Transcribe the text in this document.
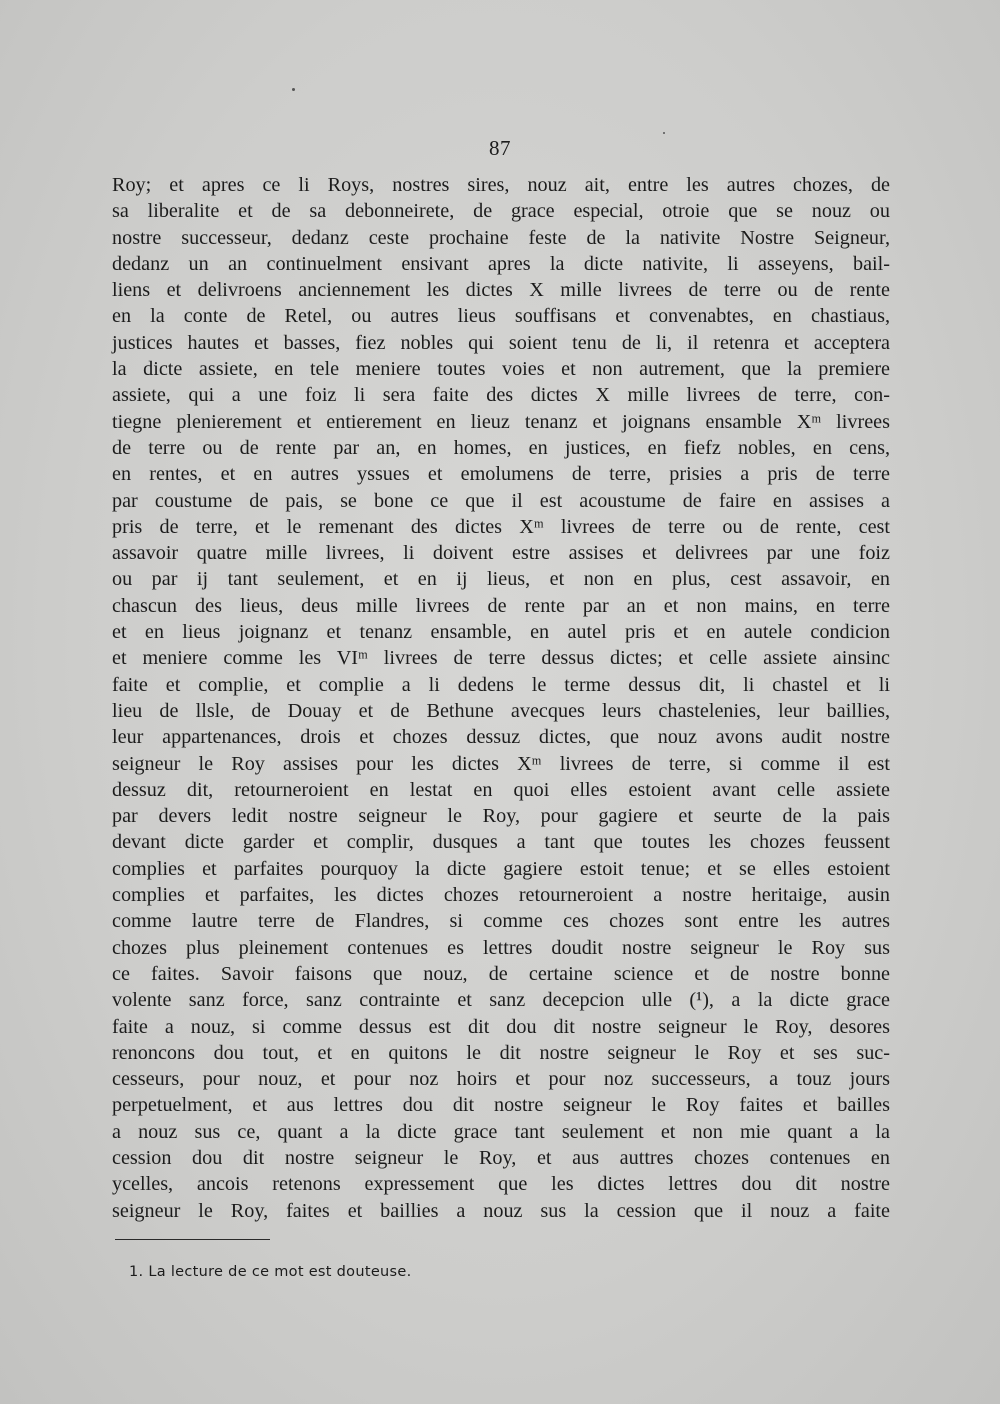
87
Roy; et apres ce li Roys, nostres sires, nouz ait, entre les autres chozes, de
sa liberalite et de sa debonneirete, de grace especial, otroie que se nouz ou
nostre successeur, dedanz ceste prochaine feste de la nativite Nostre Seigneur,
dedanz un an continuelment ensivant apres la dicte nativite, li asseyens, bail-
liens et delivroens anciennement les dictes X mille livrees de terre ou de rente
en la conte de Retel, ou autres lieus souffisans et convenabtes, en chastiaus,
justices hautes et basses, fiez nobles qui soient tenu de li, il retenra et acceptera
la dicte assiete, en tele meniere toutes voies et non autrement, que la premiere
assiete, qui a une foiz li sera faite des dictes X mille livrees de terre, con-
tiegne plenierement et entierement en lieuz tenanz et joignans ensamble Xᵐ livrees
de terre ou de rente par an, en homes, en justices, en fiefz nobles, en cens,
en rentes, et en autres yssues et emolumens de terre, prisies a pris de terre
par coustume de pais, se bone ce que il est acoustume de faire en assises a
pris de terre, et le remenant des dictes Xᵐ livrees de terre ou de rente, cest
assavoir quatre mille livrees, li doivent estre assises et delivrees par une foiz
ou par ij tant seulement, et en ij lieus, et non en plus, cest assavoir, en
chascun des lieus, deus mille livrees de rente par an et non mains, en terre
et en lieus joignanz et tenanz ensamble, en autel pris et en autele condicion
et meniere comme les VIᵐ livrees de terre dessus dictes; et celle assiete ainsinc
faite et complie, et complie a li dedens le terme dessus dit, li chastel et li
lieu de llsle, de Douay et de Bethune avecques leurs chastelenies, leur baillies,
leur appartenances, drois et chozes dessuz dictes, que nouz avons audit nostre
seigneur le Roy assises pour les dictes Xᵐ livrees de terre, si comme il est
dessuz dit, retourneroient en lestat en quoi elles estoient avant celle assiete
par devers ledit nostre seigneur le Roy, pour gagiere et seurte de la pais
devant dicte garder et complir, dusques a tant que toutes les chozes feussent
complies et parfaites pourquoy la dicte gagiere estoit tenue; et se elles estoient
complies et parfaites, les dictes chozes retourneroient a nostre heritaige, ausin
comme lautre terre de Flandres, si comme ces chozes sont entre les autres
chozes plus pleinement contenues es lettres doudit nostre seigneur le Roy sus
ce faites. Savoir faisons que nouz, de certaine science et de nostre bonne
volente sanz force, sanz contrainte et sanz decepcion ulle (¹), a la dicte grace
faite a nouz, si comme dessus est dit dou dit nostre seigneur le Roy, desores
renoncons dou tout, et en quitons le dit nostre seigneur le Roy et ses suc-
cesseurs, pour nouz, et pour noz hoirs et pour noz successeurs, a touz jours
perpetuelment, et aus lettres dou dit nostre seigneur le Roy faites et bailles
a nouz sus ce, quant a la dicte grace tant seulement et non mie quant a la
cession dou dit nostre seigneur le Roy, et aus auttres chozes contenues en
ycelles, ancois retenons expressement que les dictes lettres dou dit nostre
seigneur le Roy, faites et baillies a nouz sus la cession que il nouz a faite
1. La lecture de ce mot est douteuse.
